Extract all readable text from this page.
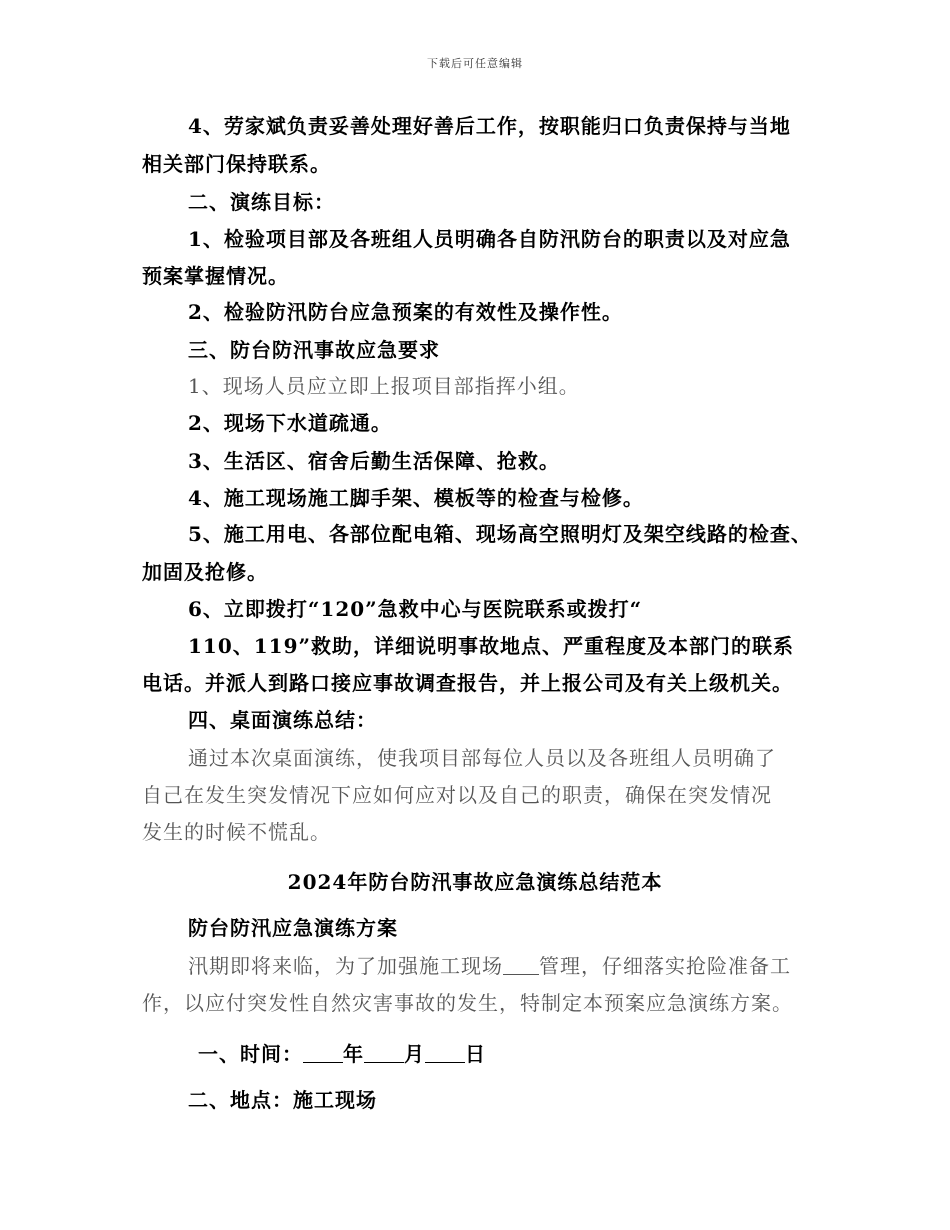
下载后可任意编辑
4、劳家斌负责妥善处理好善后工作，按职能归口负责保持与当地
相关部门保持联系。
二、演练目标：
1、检验项目部及各班组人员明确各自防汛防台的职责以及对应急
预案掌握情况。
2、检验防汛防台应急预案的有效性及操作性。
三、防台防汛事故应急要求
1、现场人员应立即上报项目部指挥小组。
2、现场下水道疏通。
3、生活区、宿舍后勤生活保障、抢救。
4、施工现场施工脚手架、模板等的检查与检修。
5、施工用电、各部位配电箱、现场高空照明灯及架空线路的检查、
加固及抢修。
6、立即拨打“120”急救中心与医院联系或拨打“
110、119”救助，详细说明事故地点、严重程度及本部门的联系
电话。并派人到路口接应事故调查报告，并上报公司及有关上级机关。
四、桌面演练总结：
通过本次桌面演练，使我项目部每位人员以及各班组人员明确了
自己在发生突发情况下应如何应对以及自己的职责，确保在突发情况
发生的时候不慌乱。
2024年防台防汛事故应急演练总结范本
防台防汛应急演练方案
汛期即将来临，为了加强施工现场 管理，仔细落实抢险准备工
作，以应付突发性自然灾害事故的发生，特制定本预案应急演练方案。
一、时间： 年 月 日
二、地点：施工现场
